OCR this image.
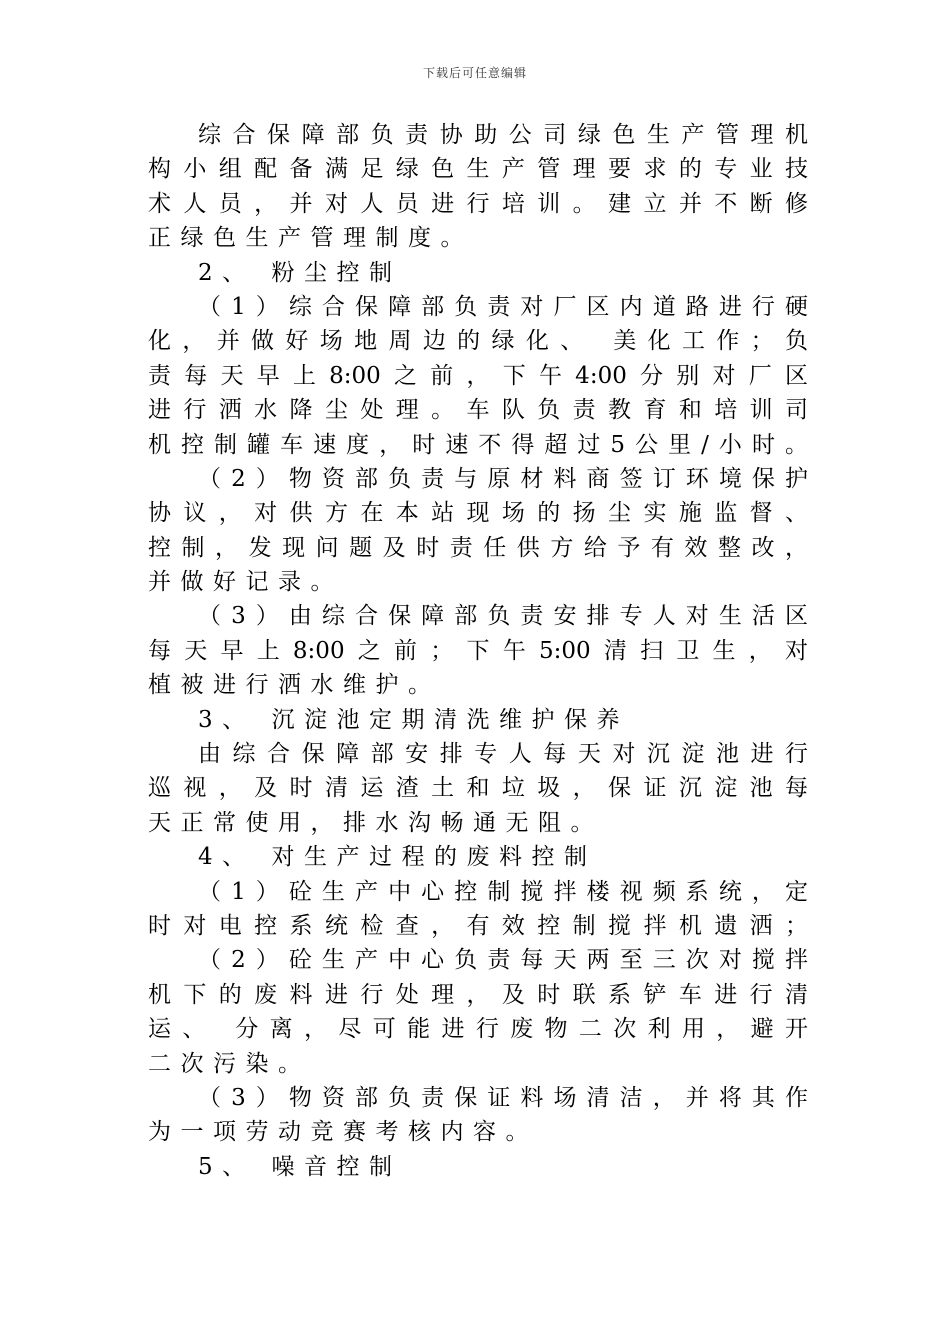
下载后可任意编辑
综合保障部负责协助公司绿色生产管理机
构小组配备满足绿色生产管理要求的专业技
术人员，并对人员进行培训。建立并不断修
正绿色生产管理制度。
2、 粉尘控制
（1）综合保障部负责对厂区内道路进行硬
化，并做好场地周边的绿化、 美化工作；负
责每天早上8:00之前，下午4:00分别对厂区
进行洒水降尘处理。车队负责教育和培训司
机控制罐车速度，时速不得超过5公里/小时。
（2）物资部负责与原材料商签订环境保护
协议，对供方在本站现场的扬尘实施监督、
控制，发现问题及时责任供方给予有效整改，
并做好记录。
（3）由综合保障部负责安排专人对生活区
每天早上8:00之前；下午5:00清扫卫生，对
植被进行洒水维护。
3、 沉淀池定期清洗维护保养
由综合保障部安排专人每天对沉淀池进行
巡视，及时清运渣土和垃圾，保证沉淀池每
天正常使用，排水沟畅通无阻。
4、 对生产过程的废料控制
（1）砼生产中心控制搅拌楼视频系统，定
时对电控系统检查，有效控制搅拌机遗洒；
（2）砼生产中心负责每天两至三次对搅拌
机下的废料进行处理，及时联系铲车进行清
运、 分离，尽可能进行废物二次利用，避开
二次污染。
（3）物资部负责保证料场清洁，并将其作
为一项劳动竞赛考核内容。
5、 噪音控制
